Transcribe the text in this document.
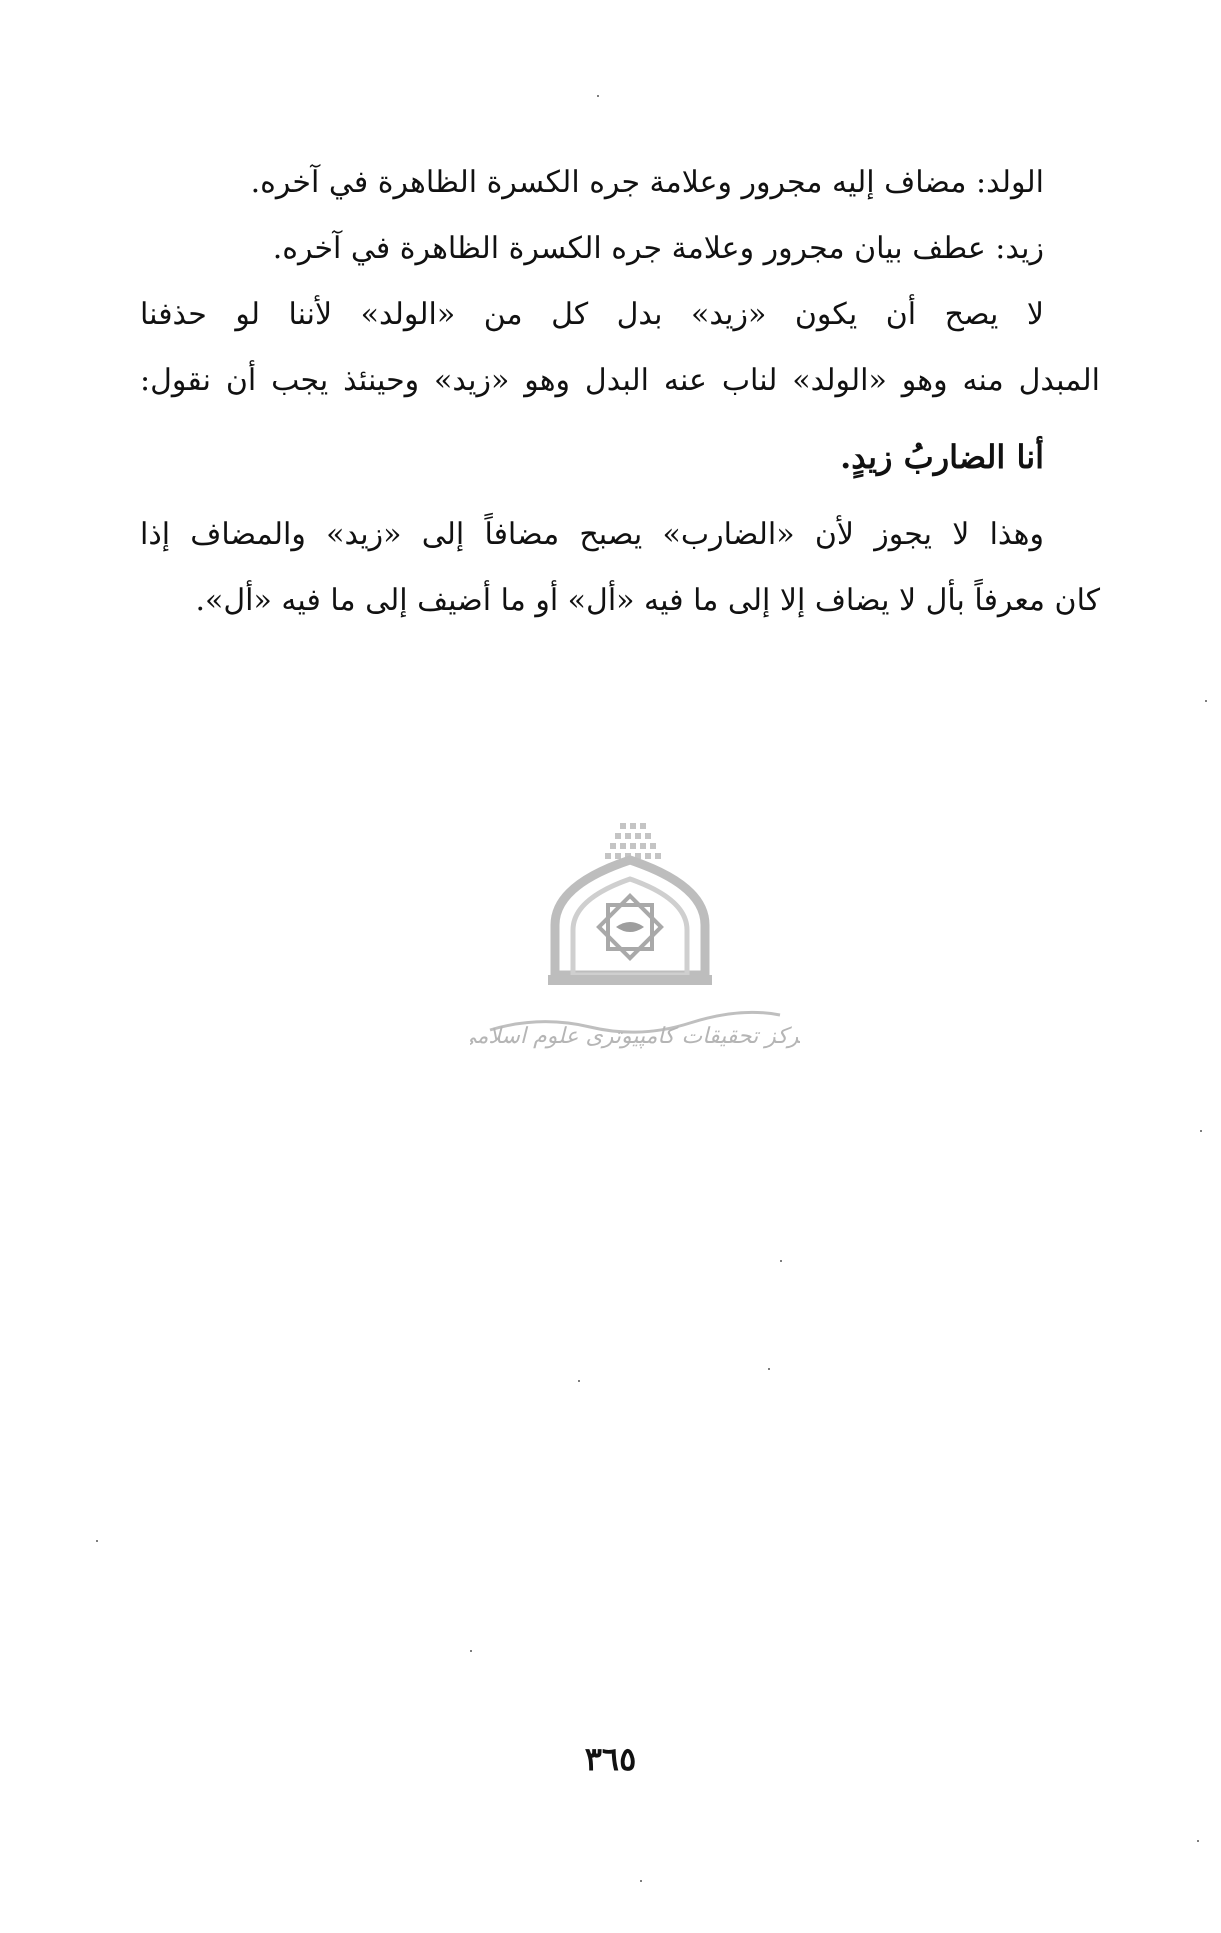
الولد: مضاف إليه مجرور وعلامة جره الكسرة الظاهرة في آخره.
زيد: عطف بيان مجرور وعلامة جره الكسرة الظاهرة في آخره.
لا يصح أن يكون «زيد» بدل كل من «الولد» لأننا لو حذفنا
المبدل منه وهو «الولد» لناب عنه البدل وهو «زيد» وحينئذ يجب أن نقول:
أنا الضاربُ زيدٍ.
وهذا لا يجوز لأن «الضارب» يصبح مضافاً إلى «زيد» والمضاف إذا
كان معرفاً بأل لا يضاف إلا إلى ما فيه «أل» أو ما أضيف إلى ما فيه «أل».
مرکز تحقیقات کامپیوتری علوم اسلامی
٣٦٥
